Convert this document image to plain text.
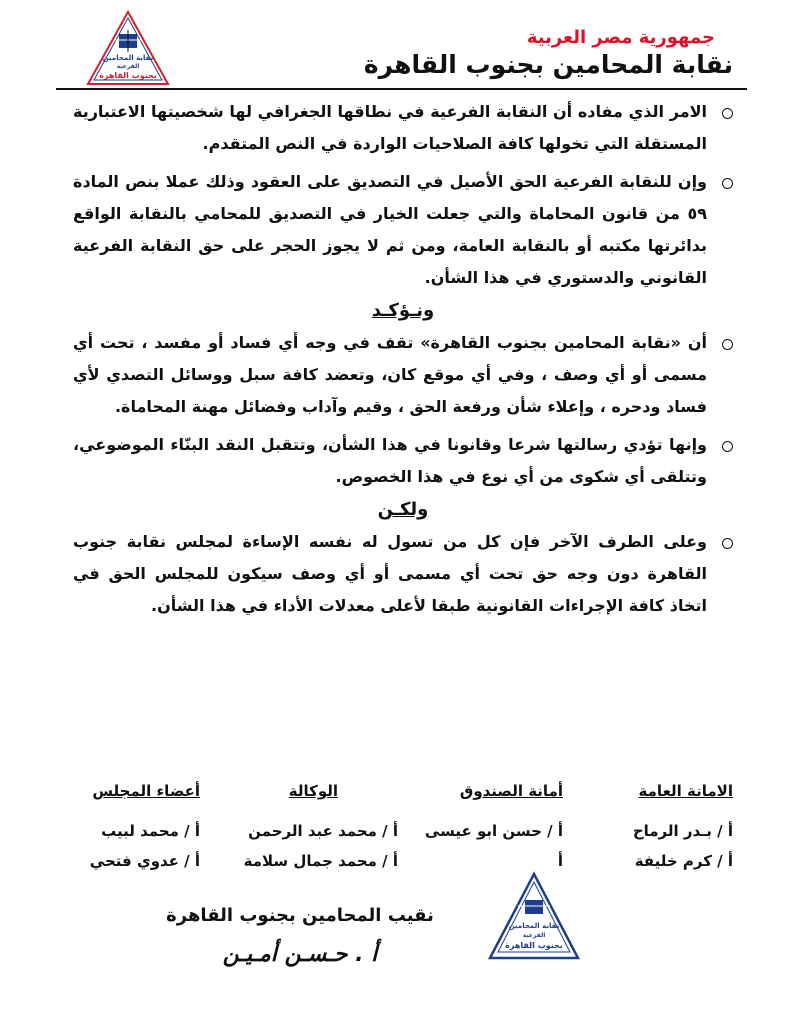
جمهورية مصر العربية
نقابة المحامين بجنوب القاهرة
نقابة المحامين
الفرعية
بجنوب القاهرة
الامر الذي مفاده أن النقابة الفرعية في نطاقها الجغرافي لها شخصيتها الاعتبارية المستقلة التي تخولها كافة الصلاحيات الواردة في النص المتقدم.
وإن للنقابة الفرعية الحق الأصيل في التصديق على العقود وذلك عملا بنص المادة ٥٩ من قانون المحاماة والتي جعلت الخيار في التصديق للمحامي بالنقابة الواقع بدائرتها مكتبه أو بالنقابة العامة، ومن ثم لا يجوز الحجر على حق النقابة الفرعية القانوني والدستوري في هذا الشأن.
ونـؤكـد
أن «نقابة المحامين بجنوب القاهرة» تقف في وجه أي فساد أو مفسد ، تحت أي مسمى أو أي وصف ، وفي أي موقع كان، وتعضد كافة سبل ووسائل التصدي لأي فساد ودحره ، وإعلاء شأن ورفعة الحق ، وقيم وآداب وفضائل مهنة المحاماة.
وإنها تؤدي رسالتها شرعا وقانونا في هذا الشأن، وتتقبل النقد البنّاء الموضوعي، وتتلقى أي شكوى من أي نوع في هذا الخصوص.
ولكـن
وعلى الطرف الآخر فإن كل من تسول له نفسه الإساءة لمجلس نقابة جنوب القاهرة دون وجه حق تحت أي مسمى أو أي وصف سيكون للمجلس الحق في اتخاذ كافة الإجراءات القانونية طبقا لأعلى معدلات الأداء في هذا الشأن.
الامانة العامة
أ / بـدر الرماح
أ / كرم خليفة
أمانة الصندوق
أ / حسن ابو عيسى
أ
الوكالة
أ / محمد عبد الرحمن
أ / محمد جمال سلامة
أعضاء المجلس
أ / محمد لبيب
أ / عدوي فتحي
نقيب المحامين بجنوب القاهرة
أ . حـسـن أمـيـن
نقابة المحامين
الفرعية
بجنوب القاهرة
